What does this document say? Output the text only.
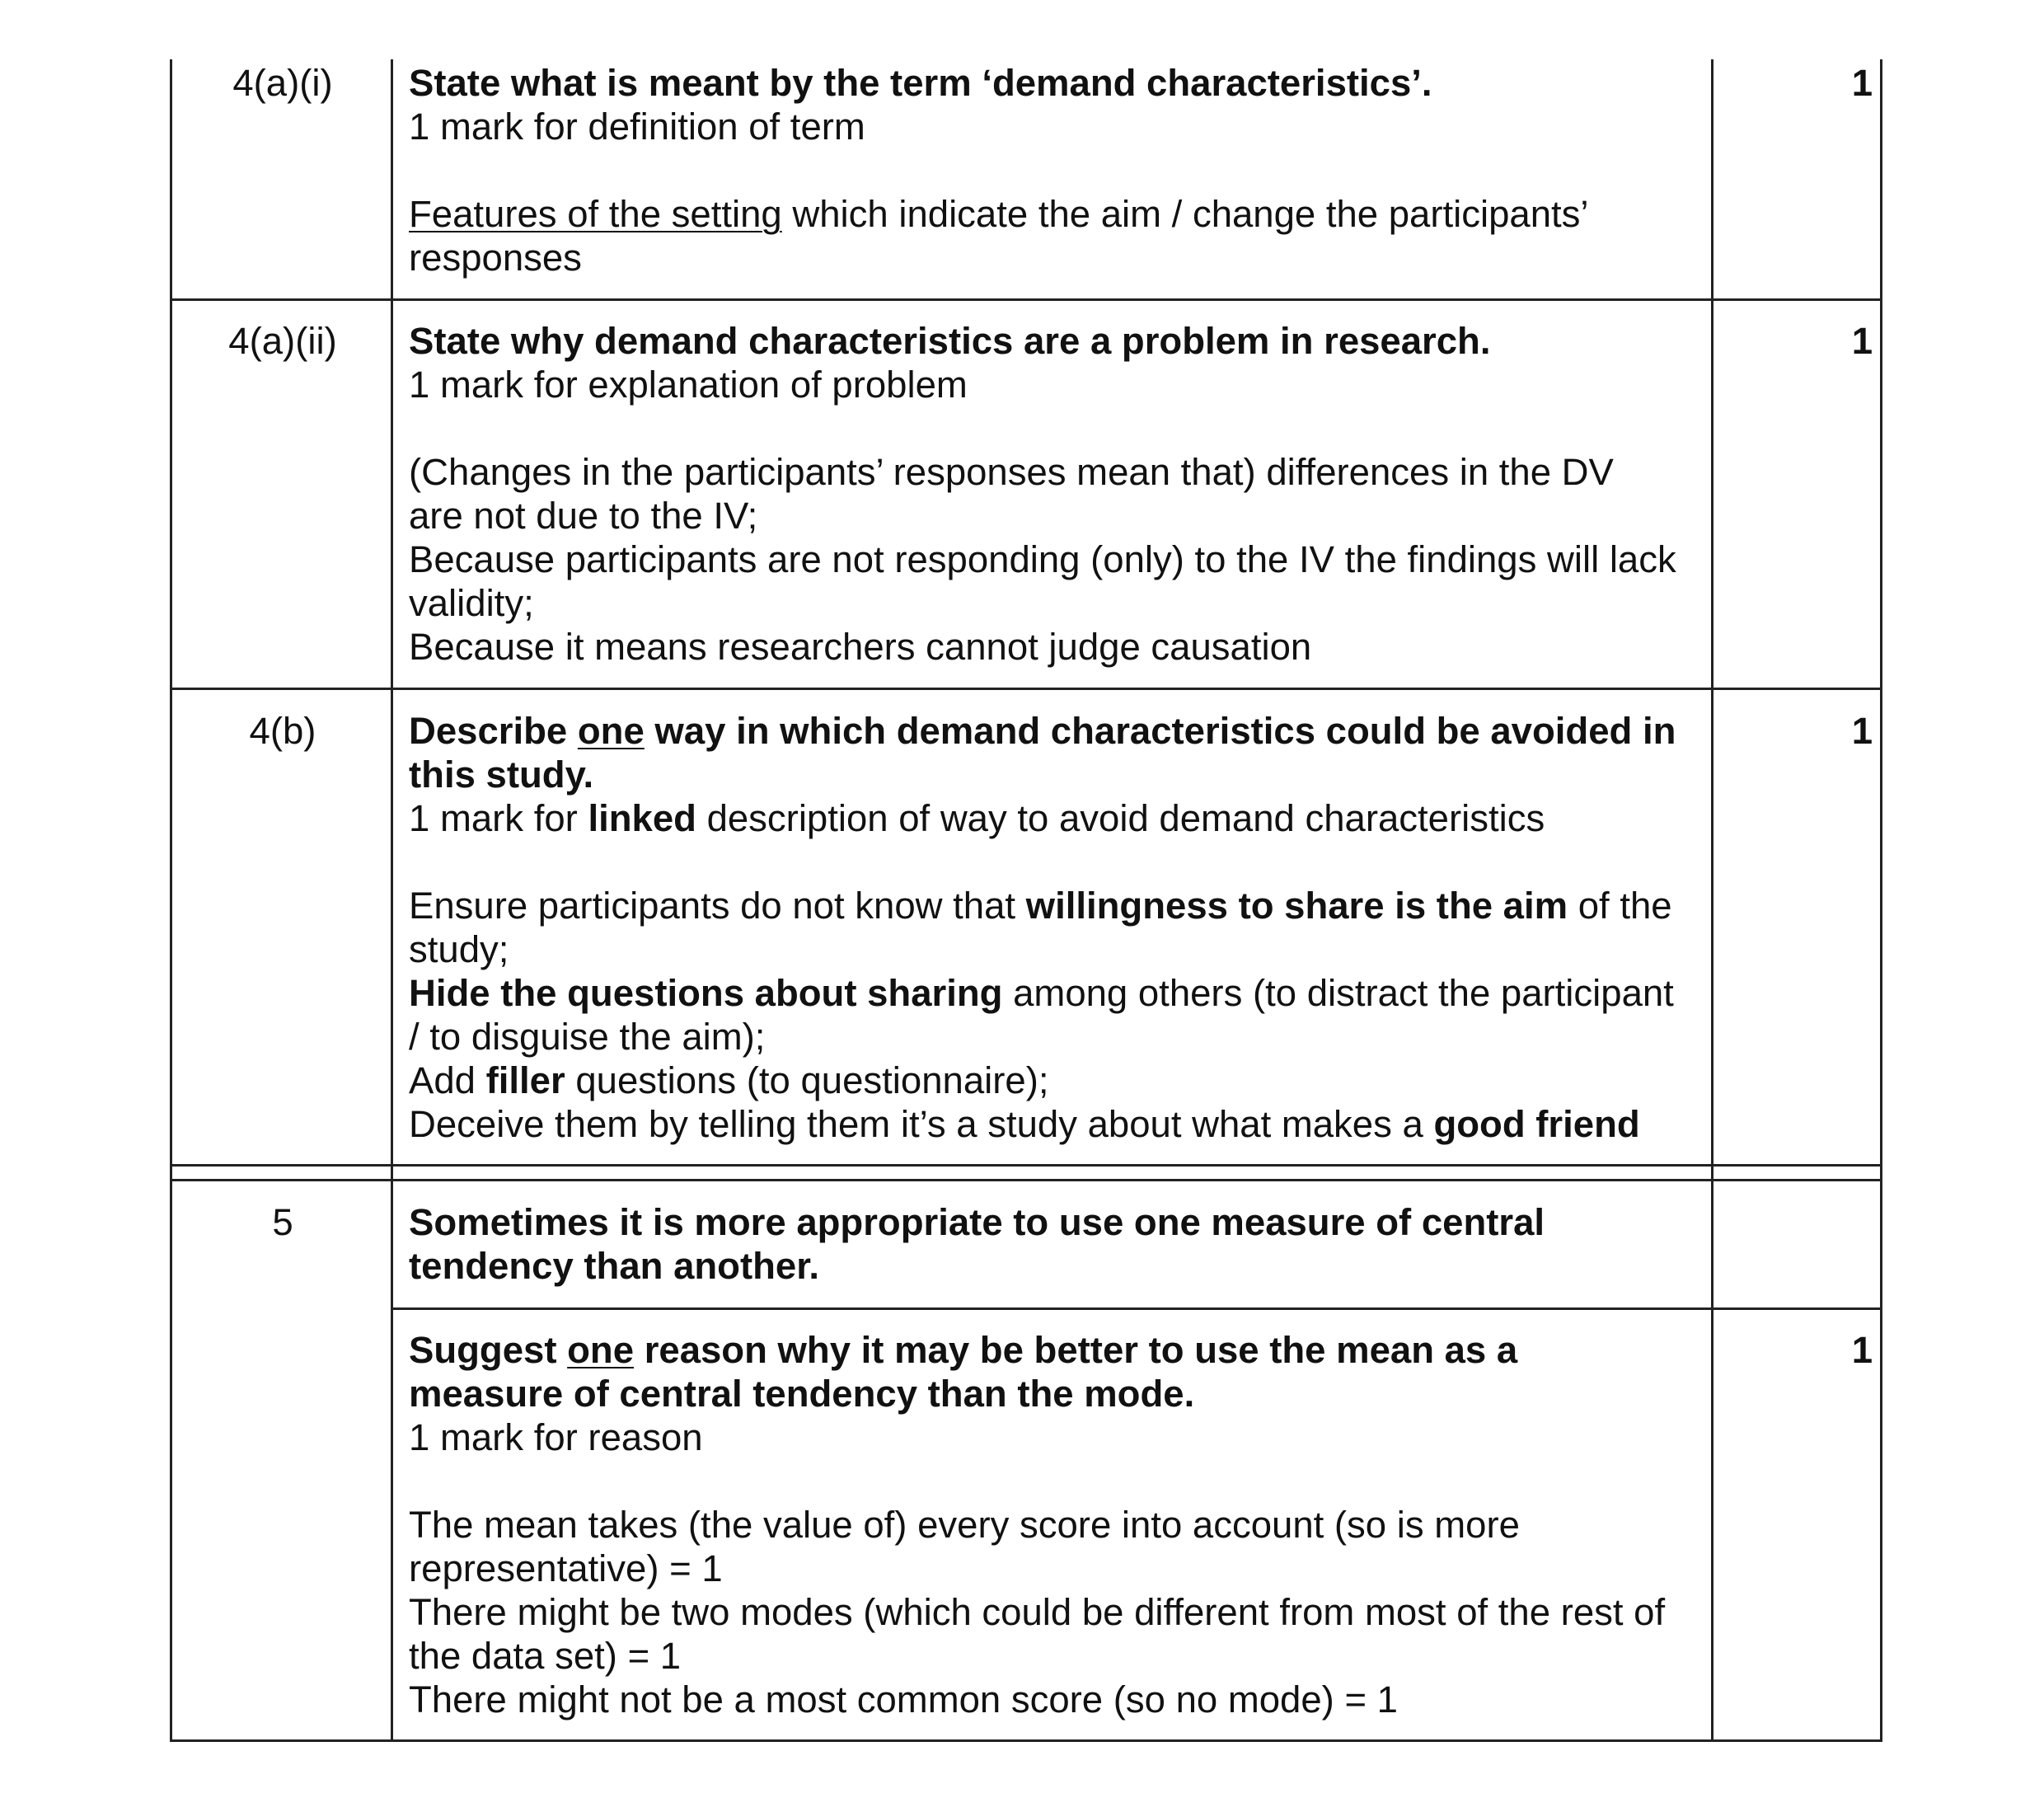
4(a)(i)	State what is meant by the term ‘demand characteristics’.
1 mark for definition of term
Features of the setting which indicate the aim / change the participants’
responses
1
4(a)(ii)	State why demand characteristics are a problem in research.
1 mark for explanation of problem
(Changes in the participants’ responses mean that) differences in the DV
are not due to the IV;
Because participants are not responding (only) to the IV the findings will lack
validity;
Because it means researchers cannot judge causation
1
4(b)	Describe one way in which demand characteristics could be avoided in
this study.
1 mark for linked description of way to avoid demand characteristics
Ensure participants do not know that willingness to share is the aim of the
study;
Hide the questions about sharing among others (to distract the participant
/ to disguise the aim);
Add filler questions (to questionnaire);
Deceive them by telling them it’s a study about what makes a good friend
1
5	Sometimes it is more appropriate to use one measure of central
tendency than another.
Suggest one reason why it may be better to use the mean as a
measure of central tendency than the mode.
1 mark for reason
The mean takes (the value of) every score into account (so is more
representative) = 1
There might be two modes (which could be different from most of the rest of
the data set) = 1
There might not be a most common score (so no mode) = 1
1
